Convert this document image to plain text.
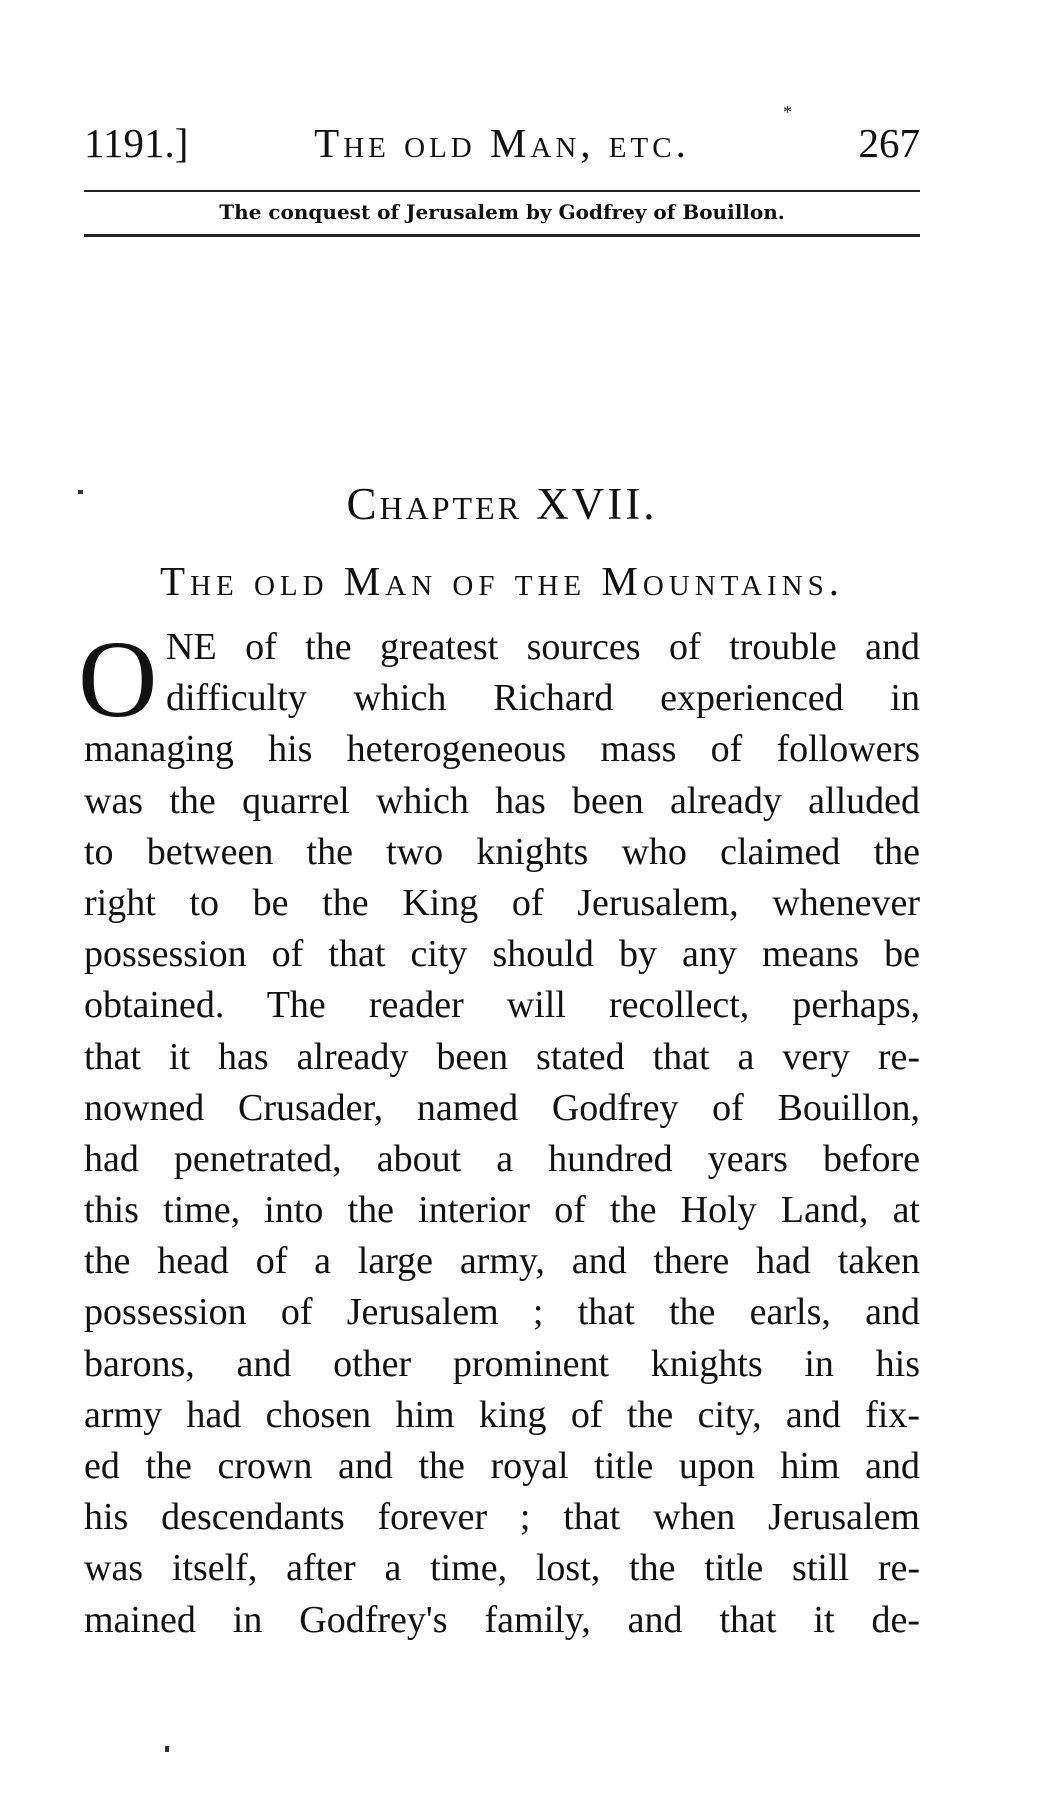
1191.]	The old Man, etc.	267
*
The conquest of Jerusalem by Godfrey of Bouillon.
Chapter XVII.
The old Man of the Mountains.
O NE of the greatest sources of trouble and
difficulty which Richard experienced in
managing his heterogeneous mass of followers
was the quarrel which has been already alluded
to between the two knights who claimed the
right to be the King of Jerusalem, whenever
possession of that city should by any means be
obtained. The reader will recollect, perhaps,
that it has already been stated that a very re-
nowned Crusader, named Godfrey of Bouillon,
had penetrated, about a hundred years before
this time, into the interior of the Holy Land, at
the head of a large army, and there had taken
possession of Jerusalem ; that the earls, and
barons, and other prominent knights in his
army had chosen him king of the city, and fix-
ed the crown and the royal title upon him and
his descendants forever ; that when Jerusalem
was itself, after a time, lost, the title still re-
mained in Godfrey's family, and that it de-
